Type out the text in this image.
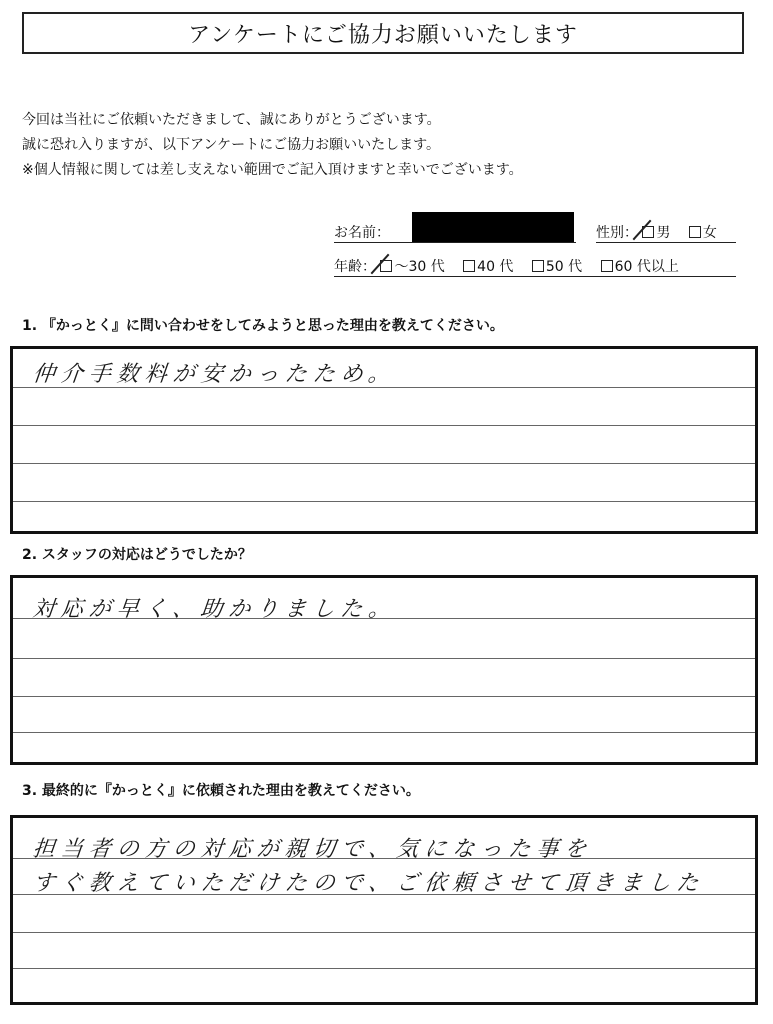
アンケートにご協力お願いいたします
今回は当社にご依頼いただきまして、誠にありがとうございます。
誠に恐れ入りますが、以下アンケートにご協力お願いいたします。
※個人情報に関しては差し支えない範囲でご記入頂けますと幸いでございます。
お名前：	性別： 男 女
年齢： ～30 代 40 代 50 代 60 代以上
1. 『かっとく』に問い合わせをしてみようと思った理由を教えてください。
仲介手数料が安かったため。
2. スタッフの対応はどうでしたか？
対応が早く、助かりました。
3. 最終的に『かっとく』に依頼された理由を教えてください。
担当者の方の対応が親切で、気になった事を
すぐ教えていただけたので、ご依頼させて頂きました
